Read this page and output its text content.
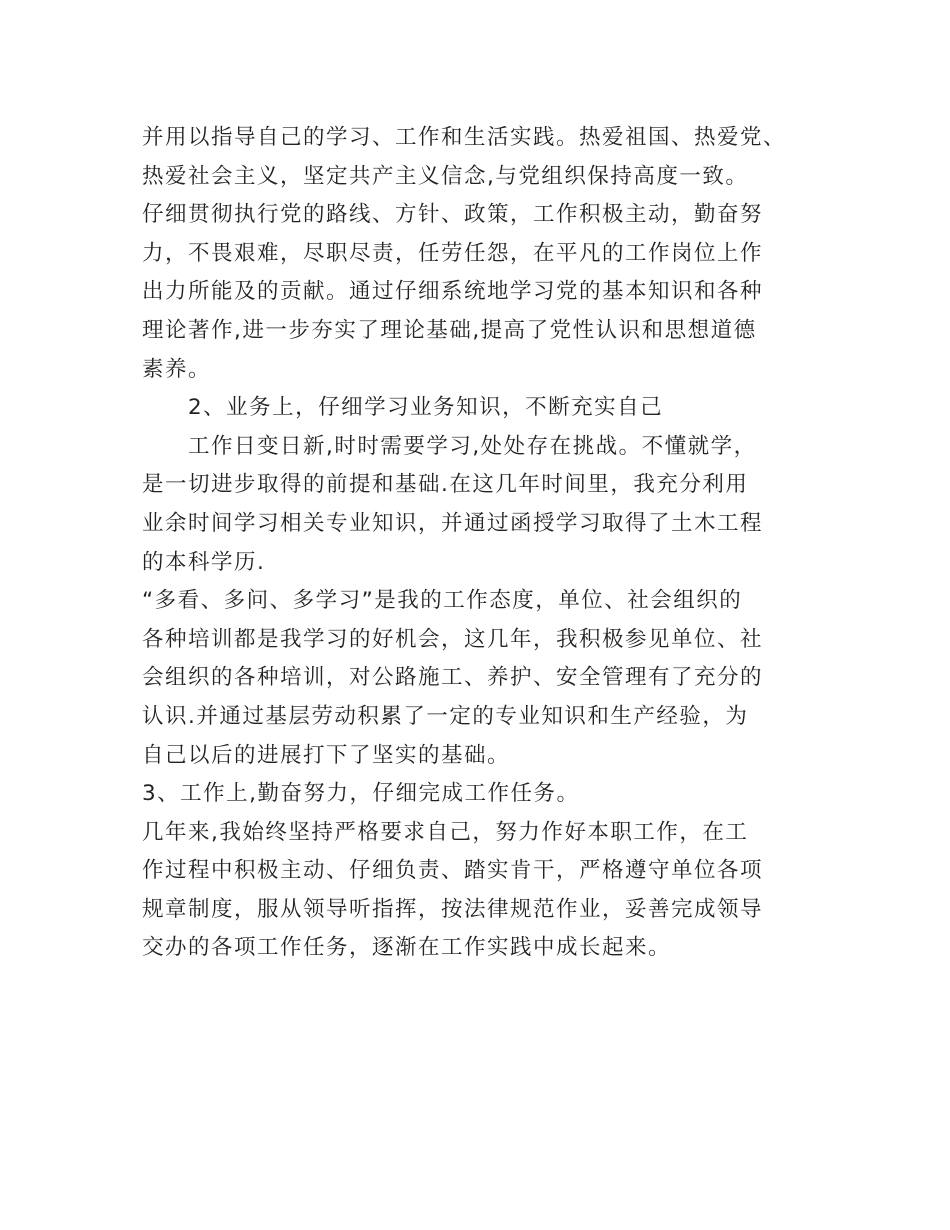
并用以指导自己的学习、工作和生活实践。热爱祖国、热爱党、
热爱社会主义，坚定共产主义信念,与党组织保持高度一致。
仔细贯彻执行党的路线、方针、政策，工作积极主动，勤奋努
力，不畏艰难，尽职尽责，任劳任怨，在平凡的工作岗位上作
出力所能及的贡献。通过仔细系统地学习党的基本知识和各种
理论著作,进一步夯实了理论基础,提高了党性认识和思想道德
素养。
2、业务上，仔细学习业务知识，不断充实自己
工作日变日新,时时需要学习,处处存在挑战。不懂就学，
是一切进步取得的前提和基础.在这几年时间里，我充分利用
业余时间学习相关专业知识，并通过函授学习取得了土木工程
的本科学历.
“多看、多问、多学习”是我的工作态度，单位、社会组织的
各种培训都是我学习的好机会，这几年，我积极参见单位、社
会组织的各种培训，对公路施工、养护、安全管理有了充分的
认识.并通过基层劳动积累了一定的专业知识和生产经验，为
自己以后的进展打下了坚实的基础。
3、工作上,勤奋努力，仔细完成工作任务。
几年来,我始终坚持严格要求自己，努力作好本职工作，在工
作过程中积极主动、仔细负责、踏实肯干，严格遵守单位各项
规章制度，服从领导听指挥，按法律规范作业，妥善完成领导
交办的各项工作任务，逐渐在工作实践中成长起来。
